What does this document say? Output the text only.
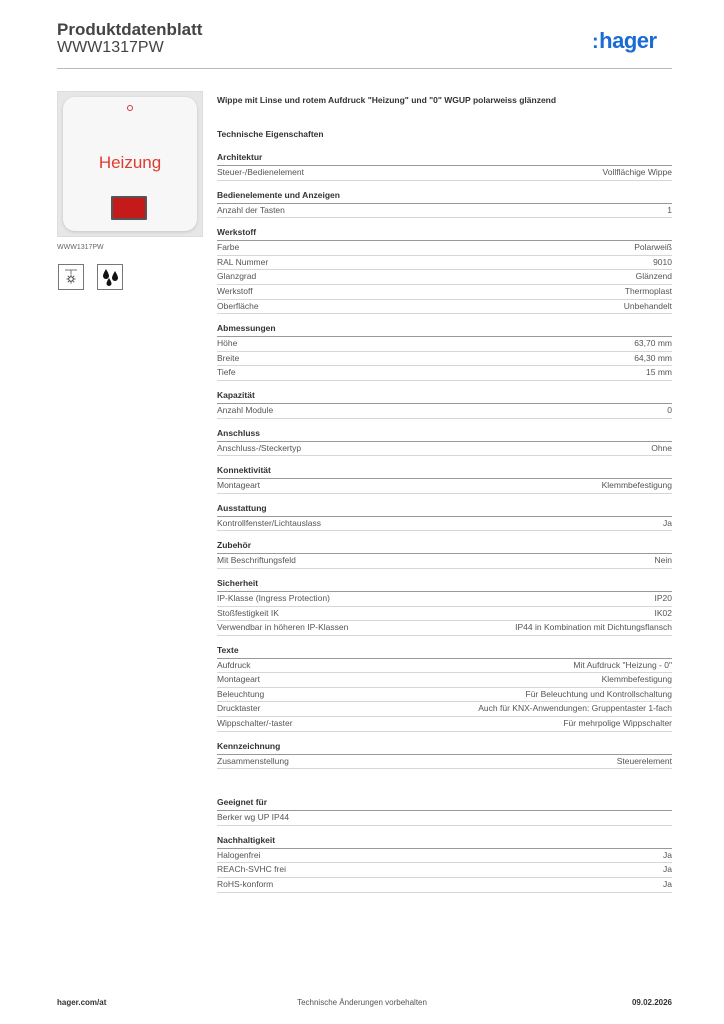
Produktdatenblatt
WWW1317PW	:hager
Heizung
WWW1317PW
Wippe mit Linse und rotem Aufdruck "Heizung" und "0" WGUP polarweiss glänzend
Technische Eigenschaften
Architektur
Steuer-/Bedienelement	Vollflächige Wippe
Bedienelemente und Anzeigen
Anzahl der Tasten	1
Werkstoff
Farbe	Polarweiß
RAL Nummer	9010
Glanzgrad	Glänzend
Werkstoff	Thermoplast
Oberfläche	Unbehandelt
Abmessungen
Höhe	63,70 mm
Breite	64,30 mm
Tiefe	15 mm
Kapazität
Anzahl Module	0
Anschluss
Anschluss-/Steckertyp	Ohne
Konnektivität
Montageart	Klemmbefestigung
Ausstattung
Kontrollfenster/Lichtauslass	Ja
Zubehör
Mit Beschriftungsfeld	Nein
Sicherheit
IP-Klasse (Ingress Protection)	IP20
Stoßfestigkeit IK	IK02
Verwendbar in höheren IP-Klassen	IP44 in Kombination mit Dichtungsflansch
Texte
Aufdruck	Mit Aufdruck "Heizung - 0"
Montageart	Klemmbefestigung
Beleuchtung	Für Beleuchtung und Kontrollschaltung
Drucktaster	Auch für KNX-Anwendungen: Gruppentaster 1-fach
Wippschalter/-taster	Für mehrpolige Wippschalter
Kennzeichnung
Zusammenstellung	Steuerelement
Geeignet für
Berker wg UP IP44
Nachhaltigkeit
Halogenfrei	Ja
REACh-SVHC frei	Ja
RoHS-konform	Ja
hager.com/at	Technische Änderungen vorbehalten	09.02.2026
